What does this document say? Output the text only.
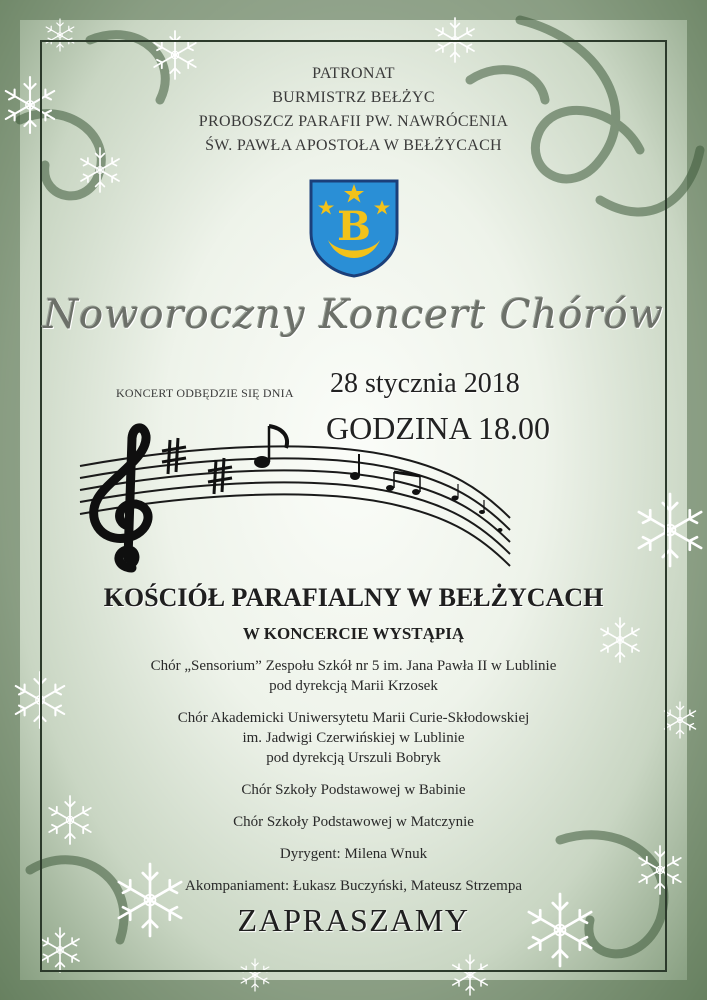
PATRONAT
BURMISTRZ BEŁŻYC
PROBOSZCZ PARAFII PW. NAWRÓCENIA
ŚW. PAWŁA APOSTOŁA W BEŁŻYCACH
B
Noworoczny Koncert Chórów
KONCERT ODBĘDZIE SIĘ DNIA 28 stycznia 2018
GODZINA 18.00
KOŚCIÓŁ PARAFIALNY W BEŁŻYCACH
W KONCERCIE WYSTĄPIĄ
Chór „Sensorium” Zespołu Szkół nr 5 im. Jana Pawła II w Lublinie
pod dyrekcją Marii Krzosek
Chór Akademicki Uniwersytetu Marii Curie-Skłodowskiej
im. Jadwigi Czerwińskiej w Lublinie
pod dyrekcją Urszuli Bobryk
Chór Szkoły Podstawowej w Babinie
Chór Szkoły Podstawowej w Matczynie
Dyrygent: Milena Wnuk
Akompaniament: Łukasz Buczyński, Mateusz Strzempa
ZAPRASZAMY
